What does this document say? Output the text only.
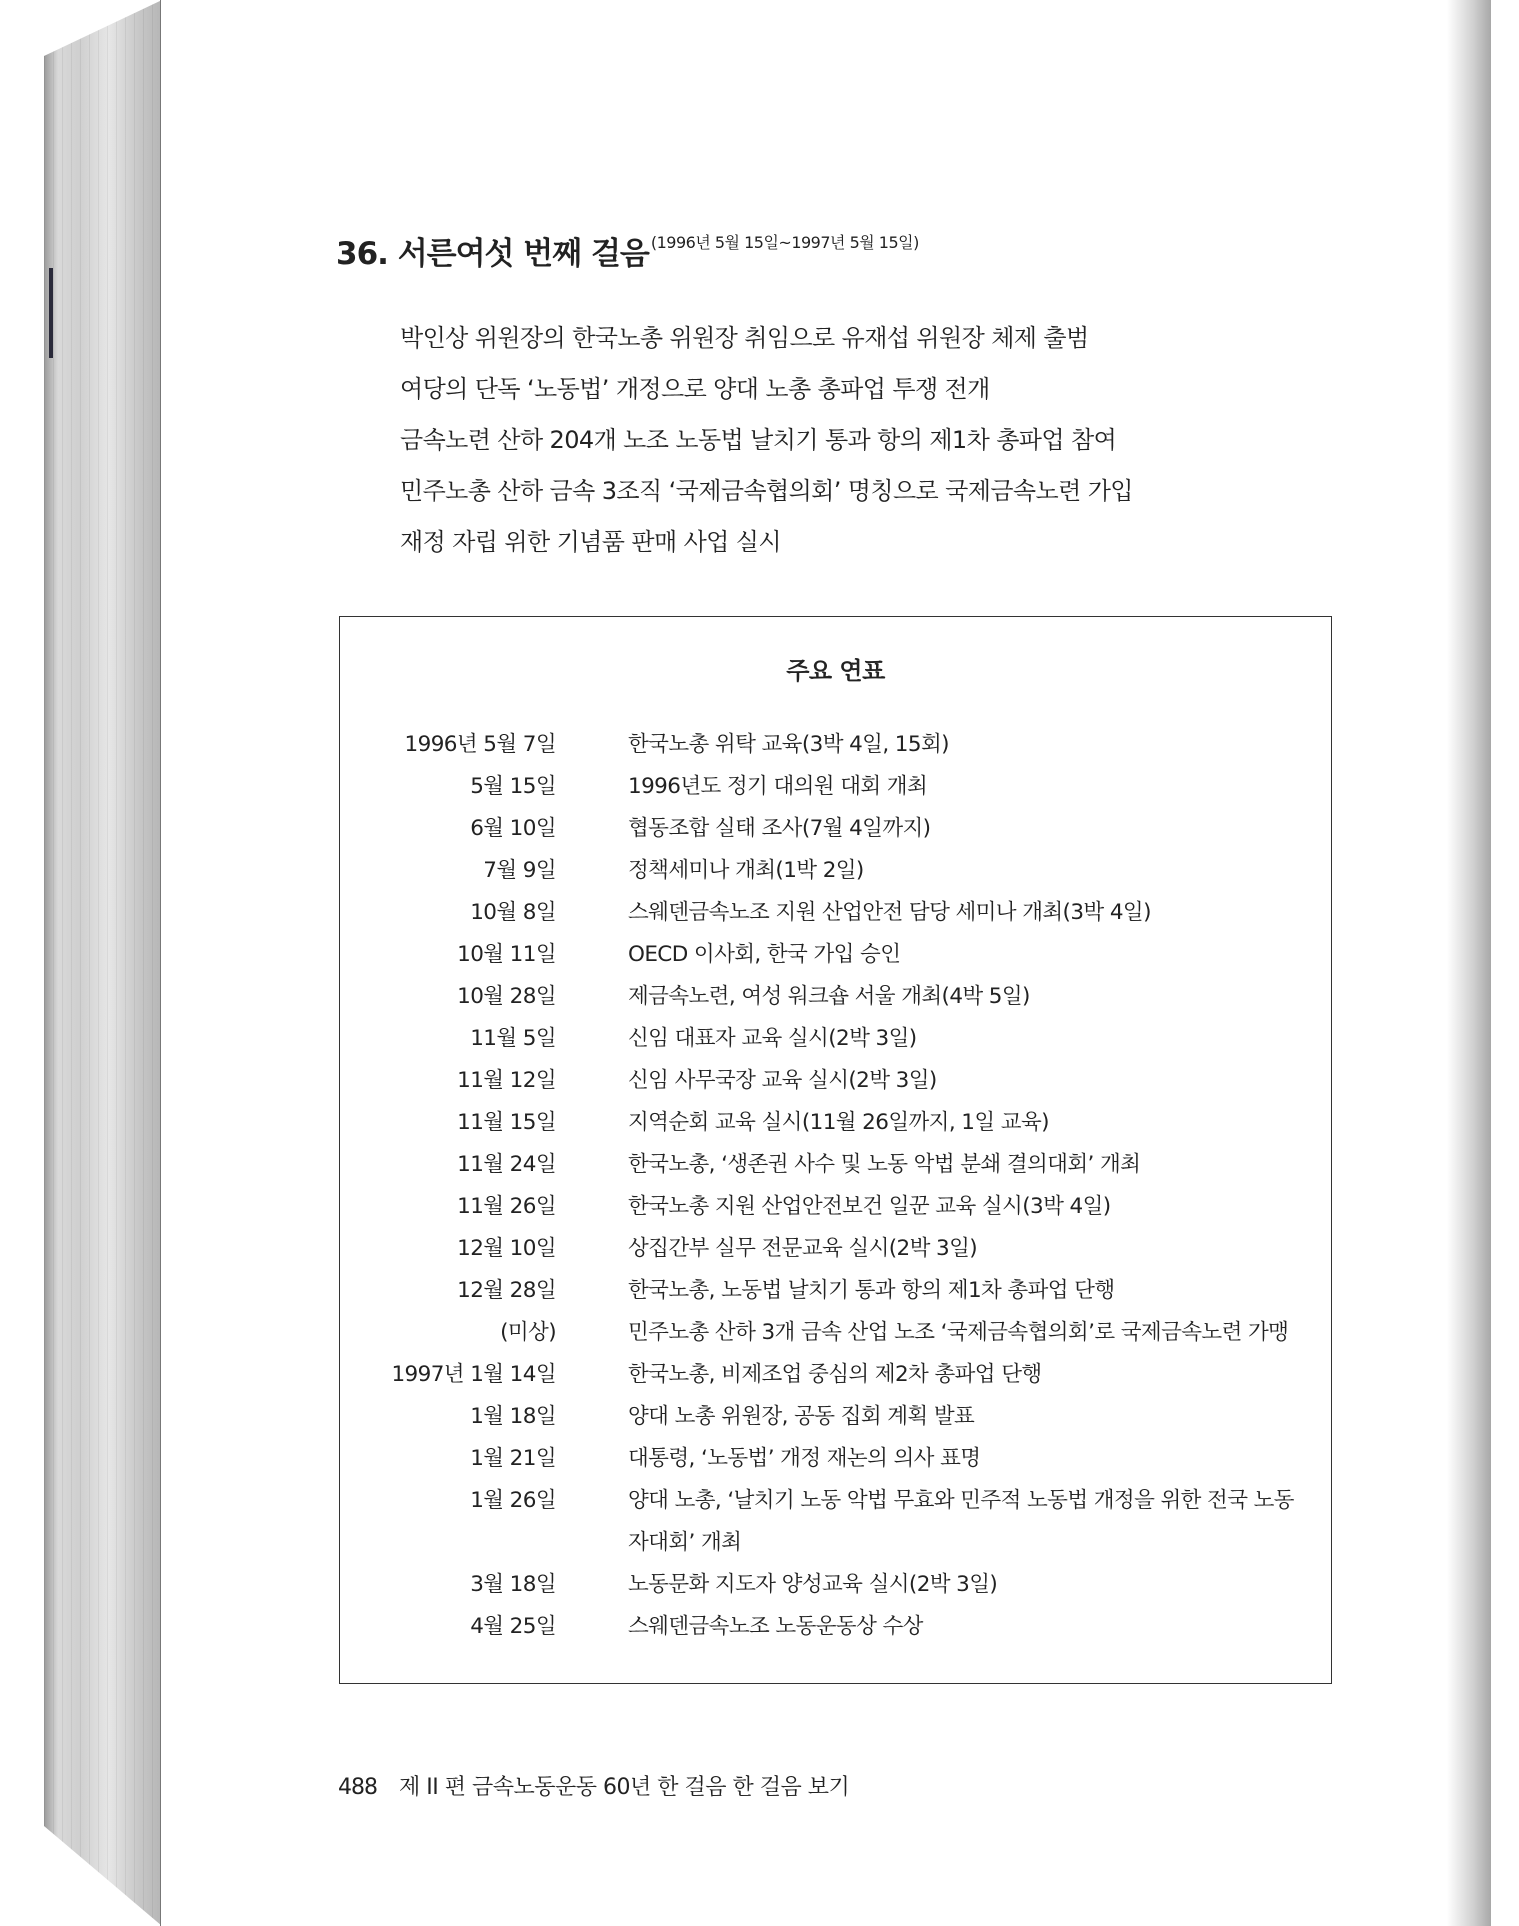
36. 서른여섯 번째 걸음 $^{(1996년 5월 15일\sim 1997년 5월 15일)}$
박인상 위원장의 한국노총 위원장 취임으로 유재섭 위원장 체제 출범
여당의 단독 ‘노동법’ 개정으로 양대 노총 총파업 투쟁 전개
금속노련 산하 204개 노조 노동법 날치기 통과 항의 제1차 총파업 참여
민주노총 산하 금속 3조직 ‘국제금속협의회’ 명칭으로 국제금속노련 가입
재정 자립 위한 기념품 판매 사업 실시
주요 연표
1996년 5월 7일	한국노총 위탁 교육(3박 4일, 15회)
5월 15일	1996년도 정기 대의원 대회 개최
6월 10일	협동조합 실태 조사(7월 4일까지)
7월 9일	정책세미나 개최(1박 2일)
10월 8일	스웨덴금속노조 지원 산업안전 담당 세미나 개최(3박 4일)
10월 11일	OECD 이사회, 한국 가입 승인
10월 28일	제금속노련, 여성 워크숍 서울 개최(4박 5일)
11월 5일	신임 대표자 교육 실시(2박 3일)
11월 12일	신임 사무국장 교육 실시(2박 3일)
11월 15일	지역순회 교육 실시(11월 26일까지, 1일 교육)
11월 24일	한국노총, ‘생존권 사수 및 노동 악법 분쇄 결의대회’ 개최
11월 26일	한국노총 지원 산업안전보건 일꾼 교육 실시(3박 4일)
12월 10일	상집간부 실무 전문교육 실시(2박 3일)
12월 28일	한국노총, 노동법 날치기 통과 항의 제1차 총파업 단행
(미상)	민주노총 산하 3개 금속 산업 노조 ‘국제금속협의회’로 국제금속노련 가맹
1997년 1월 14일	한국노총, 비제조업 중심의 제2차 총파업 단행
1월 18일	양대 노총 위원장, 공동 집회 계획 발표
1월 21일	대통령, ‘노동법’ 개정 재논의 의사 표명
1월 26일	양대 노총, ‘날치기 노동 악법 무효와 민주적 노동법 개정을 위한 전국 노동자대회’ 개최
3월 18일	노동문화 지도자 양성교육 실시(2박 3일)
4월 25일	스웨덴금속노조 노동운동상 수상
488 제 II 편 금속노동운동 60년 한 걸음 한 걸음 보기
